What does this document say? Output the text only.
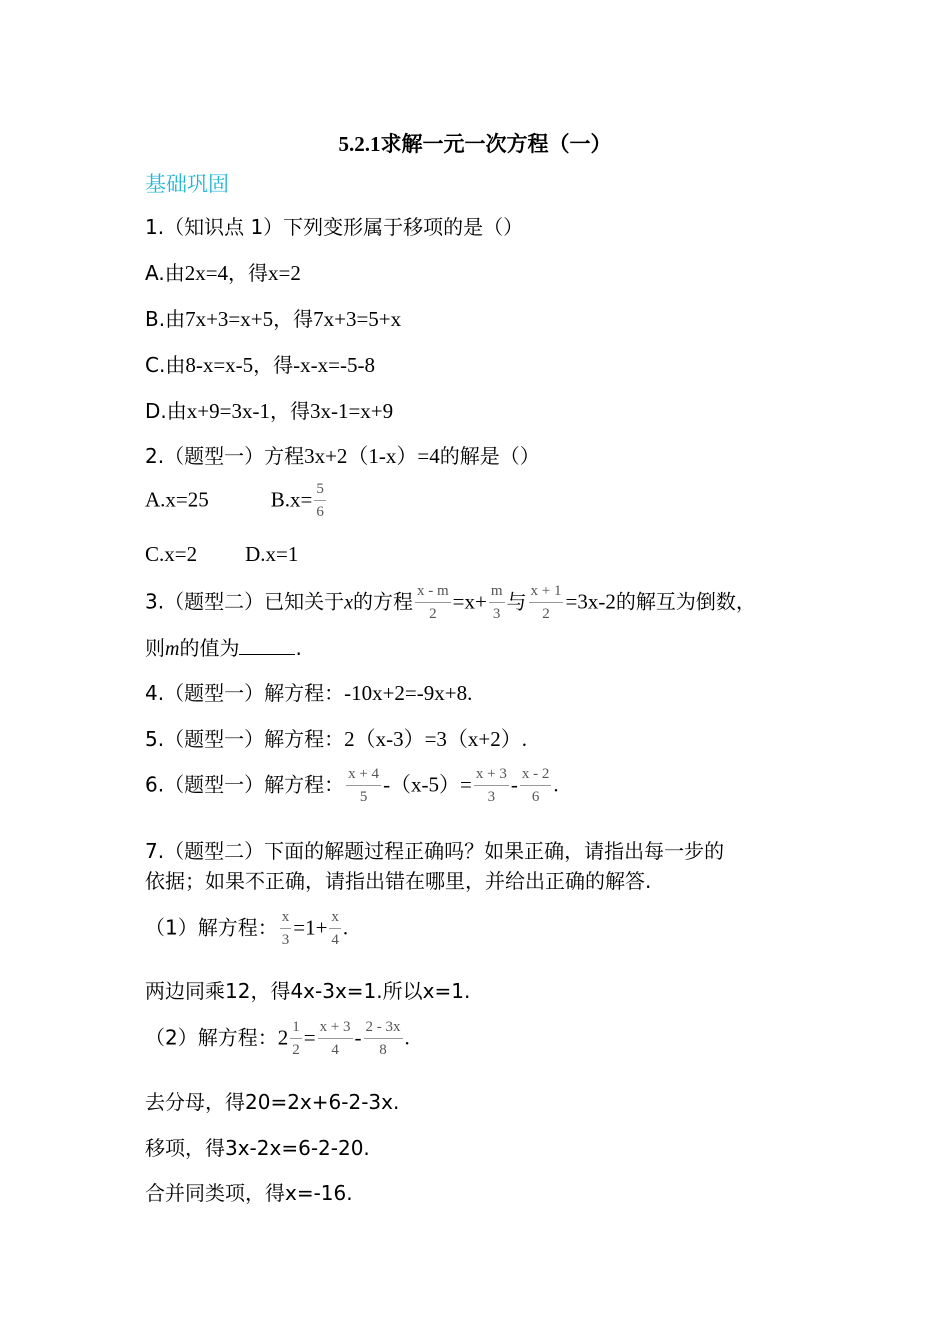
5.2.1求解一元一次方程（一）
基础巩固
1.（知识点 1）下列变形属于移项的是（）
A.由2x=4，得x=2
B.由7x+3=x+5，得7x+3=5+x
C.由8-x=x-5，得-x-x=-5-8
D.由x+9=3x-1，得3x-1=x+9
2.（题型一）方程3x+2（1-x）=4的解是（）
A.x=25	$B.x= \frac{5}{6}$
C.x=2 D.x=1
3.（题型二）已知关于x的方程 $\frac{x - m}{2} =x+ \frac{m}{3}$ 与 $\frac{x + 1}{2} =3x-2$的解互为倒数，
则m的值为	.
4.（题型一）解方程：-10x+2=-9x+8.
5.（题型一）解方程：2（x-3）=3（x+2）.
6.（题型一）解方程： $\frac{x + 4}{5} -(x-5)= \frac{x + 3}{3} - \frac{x - 2}{6}$ .
7.（题型二）下面的解题过程正确吗？如果正确，请指出每一步的
依据；如果不正确，请指出错在哪里，并给出正确的解答.
（1）解方程： $\frac{x}{3} =1+ \frac{x}{4}$ .
两边同乘12，得4x-3x=1.所以x=1.
（2）解方程：$2 \frac{1}{2} = \frac{x + 3}{4} - \frac{2 - 3x}{8}$ .
去分母，得20=2x+6-2-3x.
移项，得3x-2x=6-2-20.
合并同类项，得x=-16.
